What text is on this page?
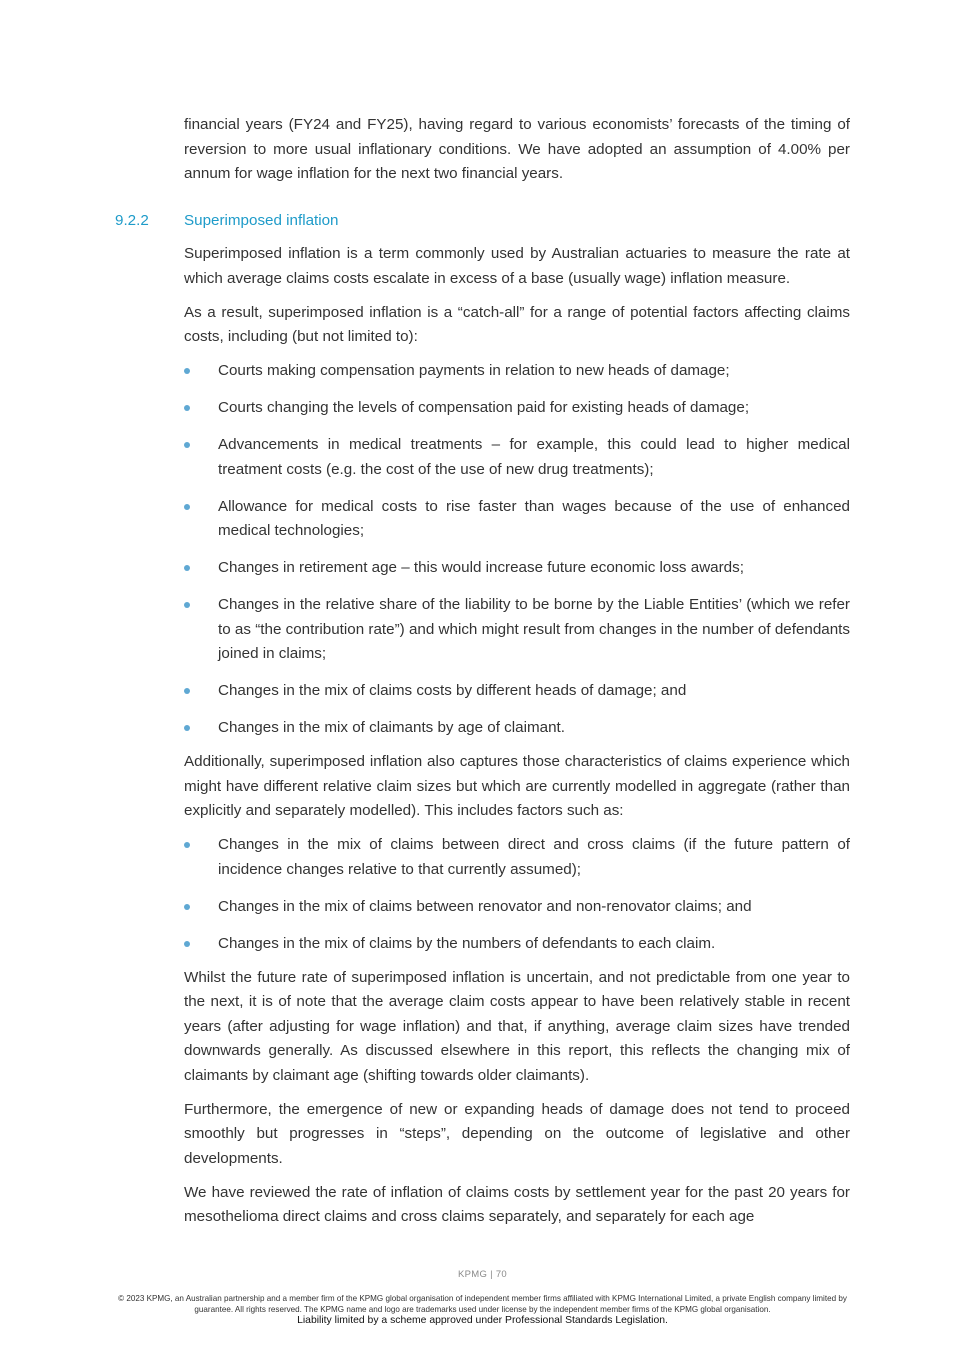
financial years (FY24 and FY25), having regard to various economists’ forecasts of the timing of reversion to more usual inflationary conditions. We have adopted an assumption of 4.00% per annum for wage inflation for the next two financial years.

9.2.2 Superimposed inflation

Superimposed inflation is a term commonly used by Australian actuaries to measure the rate at which average claims costs escalate in excess of a base (usually wage) inflation measure.

As a result, superimposed inflation is a “catch-all” for a range of potential factors affecting claims costs, including (but not limited to):

Courts making compensation payments in relation to new heads of damage;
Courts changing the levels of compensation paid for existing heads of damage;
Advancements in medical treatments – for example, this could lead to higher medical treatment costs (e.g. the cost of the use of new drug treatments);
Allowance for medical costs to rise faster than wages because of the use of enhanced medical technologies;
Changes in retirement age – this would increase future economic loss awards;
Changes in the relative share of the liability to be borne by the Liable Entities’ (which we refer to as “the contribution rate”) and which might result from changes in the number of defendants joined in claims;
Changes in the mix of claims costs by different heads of damage; and
Changes in the mix of claimants by age of claimant.

Additionally, superimposed inflation also captures those characteristics of claims experience which might have different relative claim sizes but which are currently modelled in aggregate (rather than explicitly and separately modelled). This includes factors such as:

Changes in the mix of claims between direct and cross claims (if the future pattern of incidence changes relative to that currently assumed);
Changes in the mix of claims between renovator and non-renovator claims; and
Changes in the mix of claims by the numbers of defendants to each claim.

Whilst the future rate of superimposed inflation is uncertain, and not predictable from one year to the next, it is of note that the average claim costs appear to have been relatively stable in recent years (after adjusting for wage inflation) and that, if anything, average claim sizes have trended downwards generally. As discussed elsewhere in this report, this reflects the changing mix of claimants by claimant age (shifting towards older claimants).

Furthermore, the emergence of new or expanding heads of damage does not tend to proceed smoothly but progresses in “steps”, depending on the outcome of legislative and other developments.

We have reviewed the rate of inflation of claims costs by settlement year for the past 20 years for mesothelioma direct claims and cross claims separately, and separately for each age

KPMG | 70
© 2023 KPMG, an Australian partnership and a member firm of the KPMG global organisation of independent member firms affiliated with KPMG International Limited, a private English company limited by guarantee. All rights reserved. The KPMG name and logo are trademarks used under license by the independent member firms of the KPMG global organisation.
Liability limited by a scheme approved under Professional Standards Legislation.
